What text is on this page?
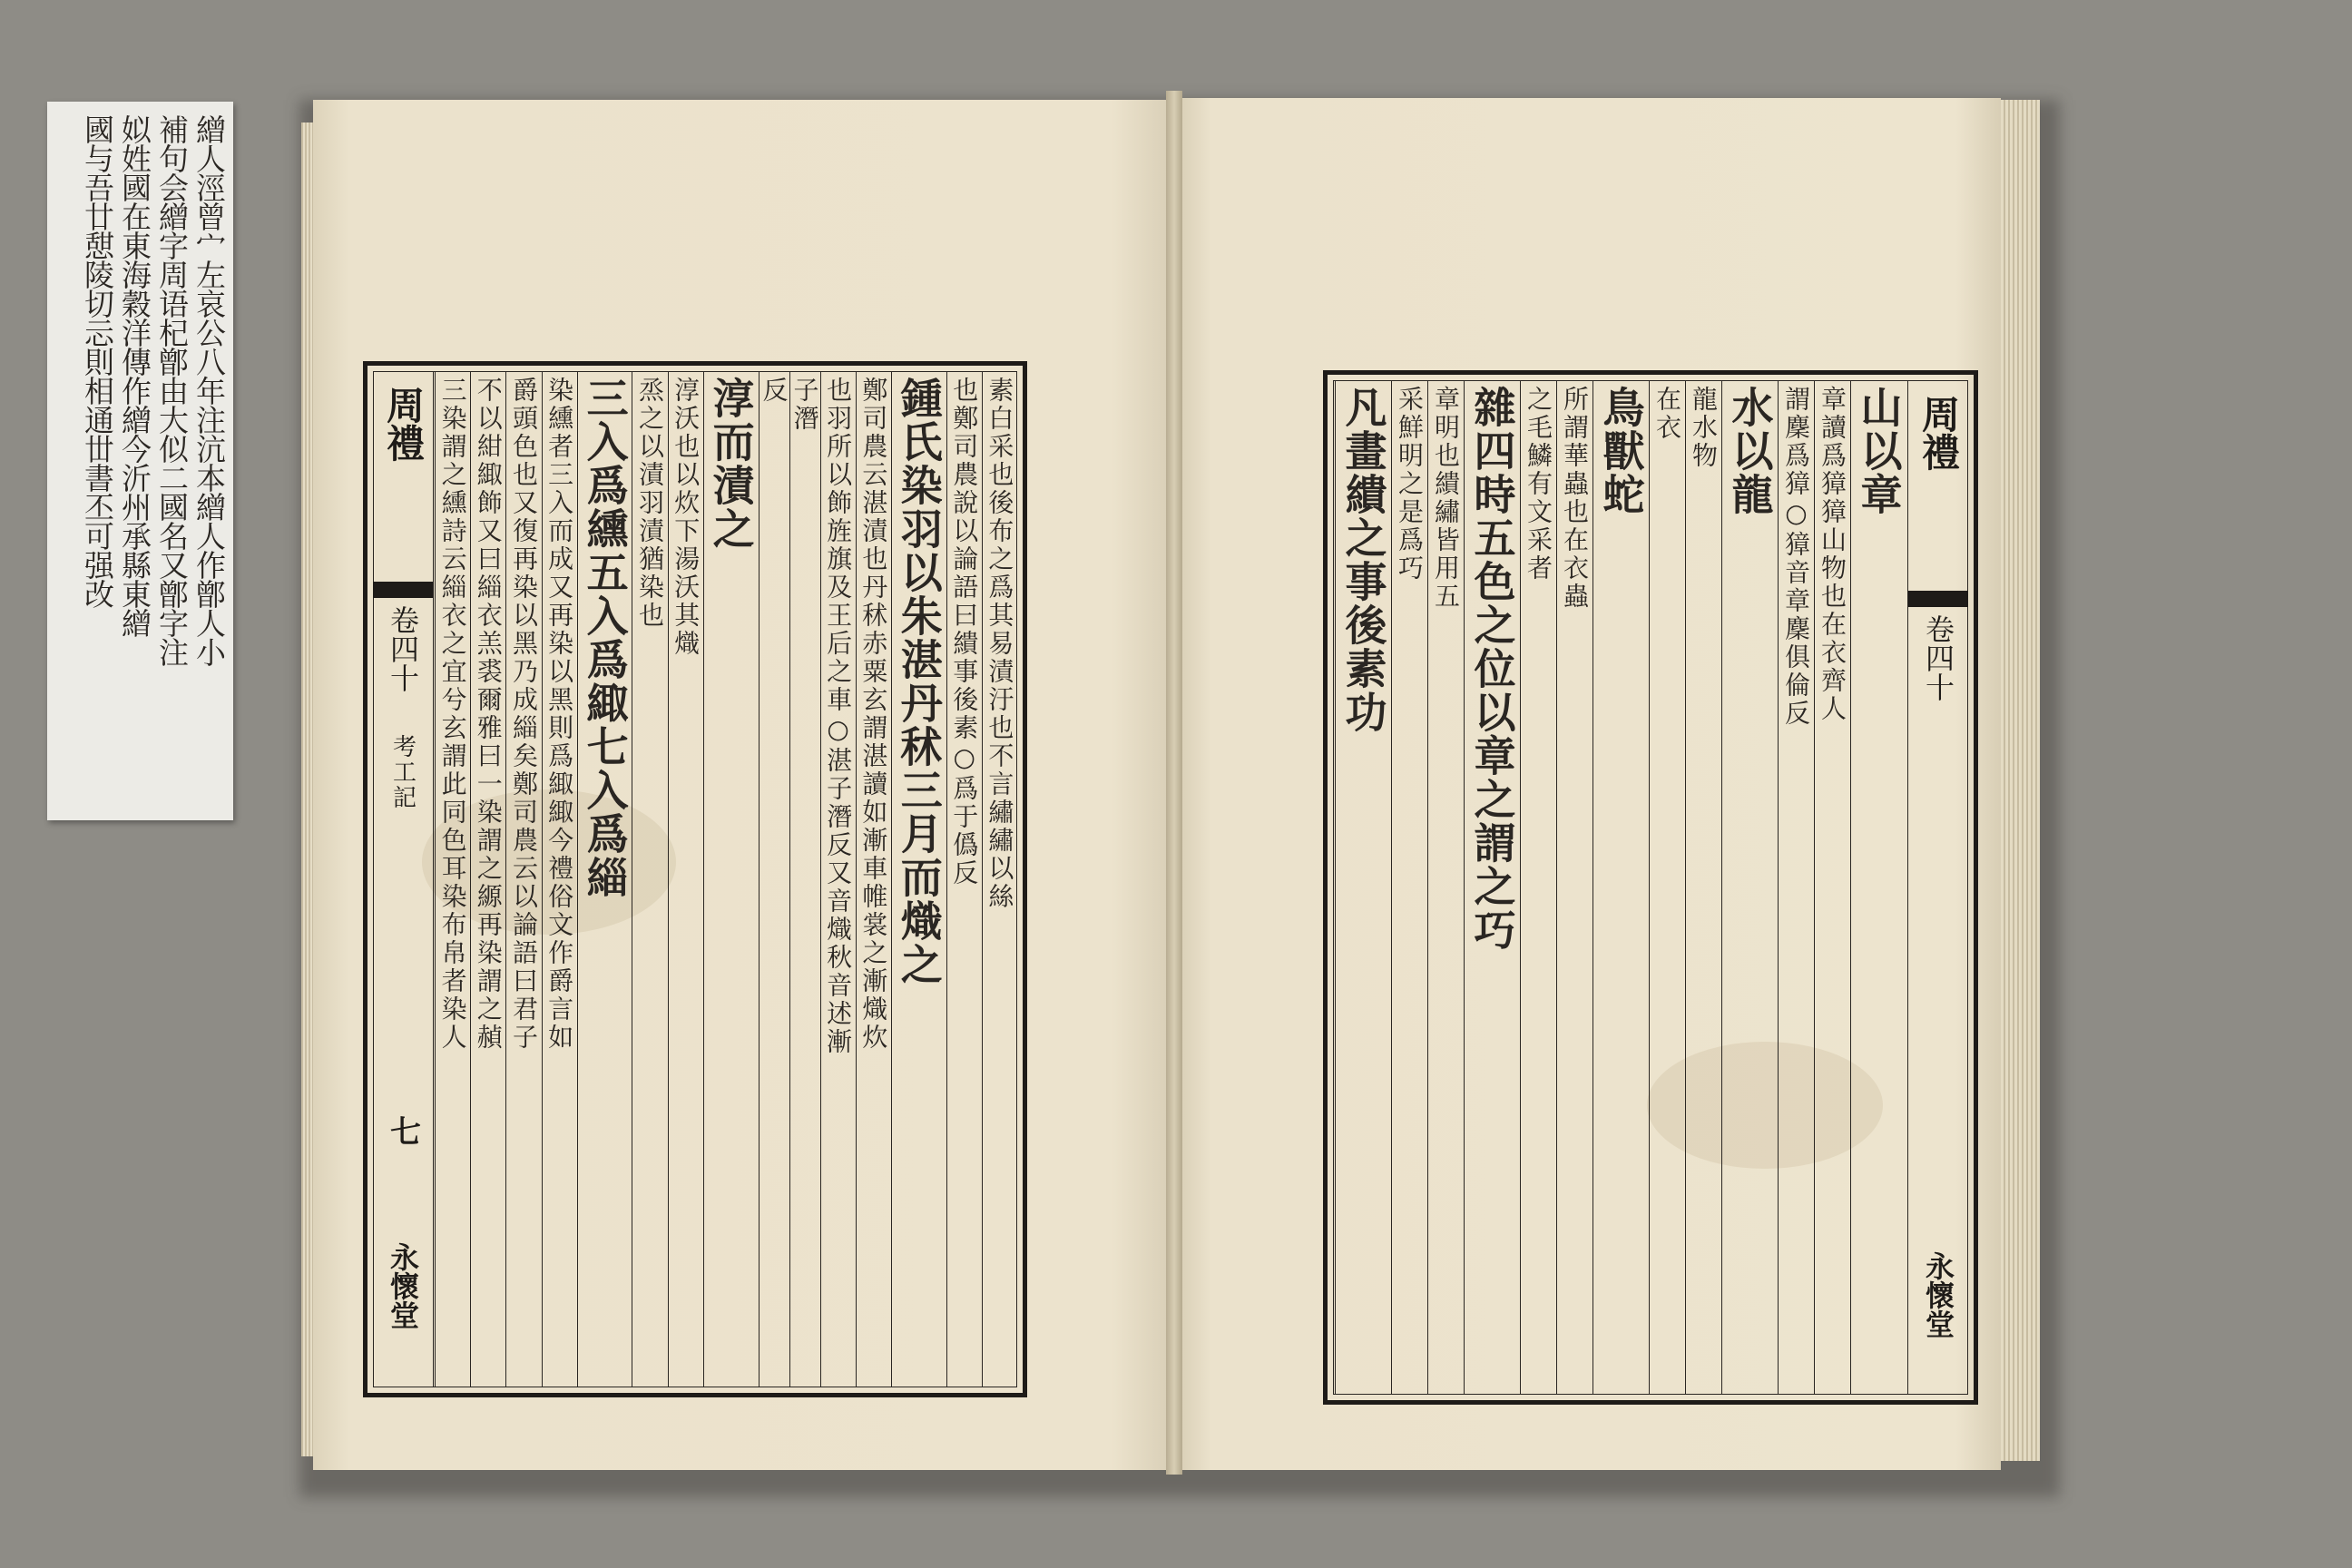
繒人涇曾宀左哀公八年注沆本繒人作鄫人小
補句会繒字周语杞鄫由大似二國名又鄫字注
姒姓國在東海穀洋傳作繒今沂州承縣東繒
國与吾廿憇陵切忈則相通丗書丕可强改	周禮
卷四十
考工記
七
永懷堂
素白采也後布之爲其易漬汙也不言繡繡以絲
也鄭司農說以論語曰繢事後素○爲于僞反
鍾氏染羽以朱湛丹秫三月而熾之
鄭司農云湛漬也丹秫赤粟玄謂湛讀如漸車帷裳之漸熾炊
也羽所以飾旌旗及王后之車○湛子潛反又音熾秋音述漸
子潛
反
淳而漬之
淳沃也以炊下湯沃其熾
烝之以漬羽漬猶染也
三入爲纁五入爲緅七入爲緇
染纁者三入而成又再染以黑則爲緅緅今禮俗文作爵言如
爵頭色也又復再染以黑乃成緇矣鄭司農云以論語曰君子
不以紺緅飾又曰緇衣羔裘爾雅曰一染謂之縓再染謂之赬
三染謂之纁詩云緇衣之宜兮玄謂此同色耳染布帛者染人	周禮
卷四十
永懷堂
山以章
章讀爲獐獐山物也在衣齊人
謂麇爲獐○獐音章麇俱倫反
水以龍
龍水物
在衣
鳥獸蛇
所謂華蟲也在衣蟲
之毛鱗有文采者
雜四時五色之位以章之謂之巧
章明也繢繡皆用五
采鮮明之是爲巧
凡畫繢之事後素功
